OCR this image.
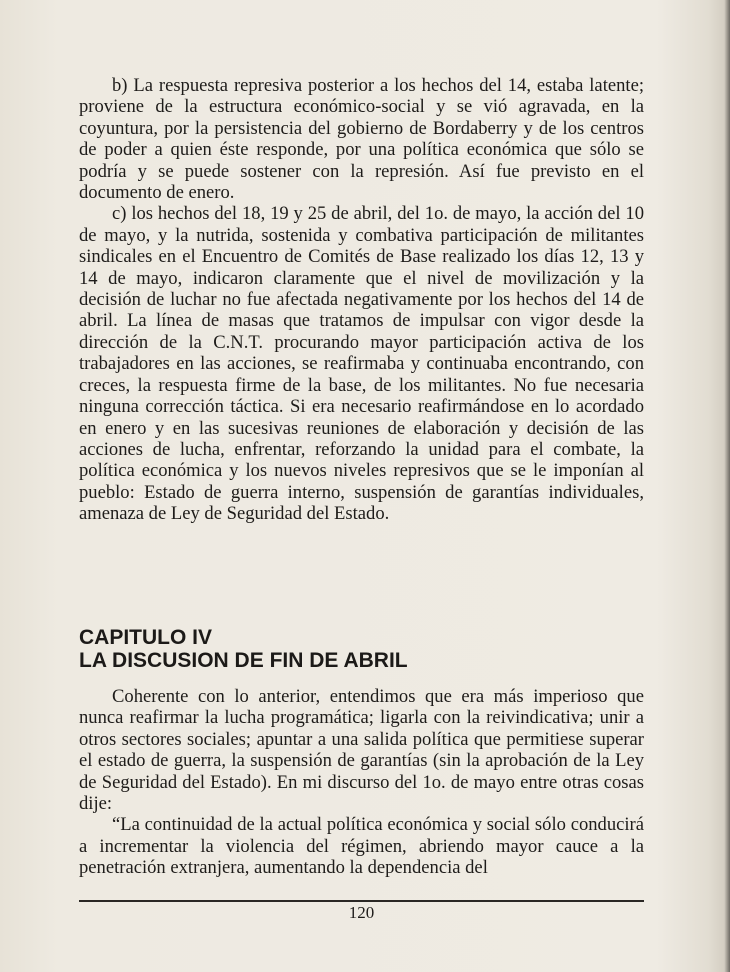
b) La respuesta represiva posterior a los hechos del 14, estaba latente; proviene de la estructura económico-social y se vió agravada, en la coyuntura, por la persistencia del gobierno de Bordaberry y de los centros de poder a quien éste responde, por una política económica que sólo se podría y se puede sostener con la represión. Así fue previsto en el documento de enero.

c) los hechos del 18, 19 y 25 de abril, del 1o. de mayo, la acción del 10 de mayo, y la nutrida, sostenida y combativa participación de militantes sindicales en el Encuentro de Comités de Base realizado los días 12, 13 y 14 de mayo, indicaron claramente que el nivel de movilización y la decisión de luchar no fue afectada negativamente por los hechos del 14 de abril. La línea de masas que tratamos de impulsar con vigor desde la dirección de la C.N.T. procurando mayor participación activa de los trabajadores en las acciones, se reafirmaba y continuaba encontrando, con creces, la respuesta firme de la base, de los militantes. No fue necesaria ninguna corrección táctica. Si era necesario reafirmándose en lo acordado en enero y en las sucesivas reuniones de elaboración y decisión de las acciones de lucha, enfrentar, reforzando la unidad para el combate, la política económica y los nuevos niveles represivos que se le imponían al pueblo: Estado de guerra interno, suspensión de garantías individuales, amenaza de Ley de Seguridad del Estado.

CAPITULO IV
LA DISCUSION DE FIN DE ABRIL

Coherente con lo anterior, entendimos que era más imperioso que nunca reafirmar la lucha programática; ligarla con la reivindicativa; unir a otros sectores sociales; apuntar a una salida política que permitiese superar el estado de guerra, la suspensión de garantías (sin la aprobación de la Ley de Seguridad del Estado). En mi discurso del 1o. de mayo entre otras cosas dije:

“La continuidad de la actual política económica y social sólo conducirá a incrementar la violencia del régimen, abriendo mayor cauce a la penetración extranjera, aumentando la dependencia del

120
